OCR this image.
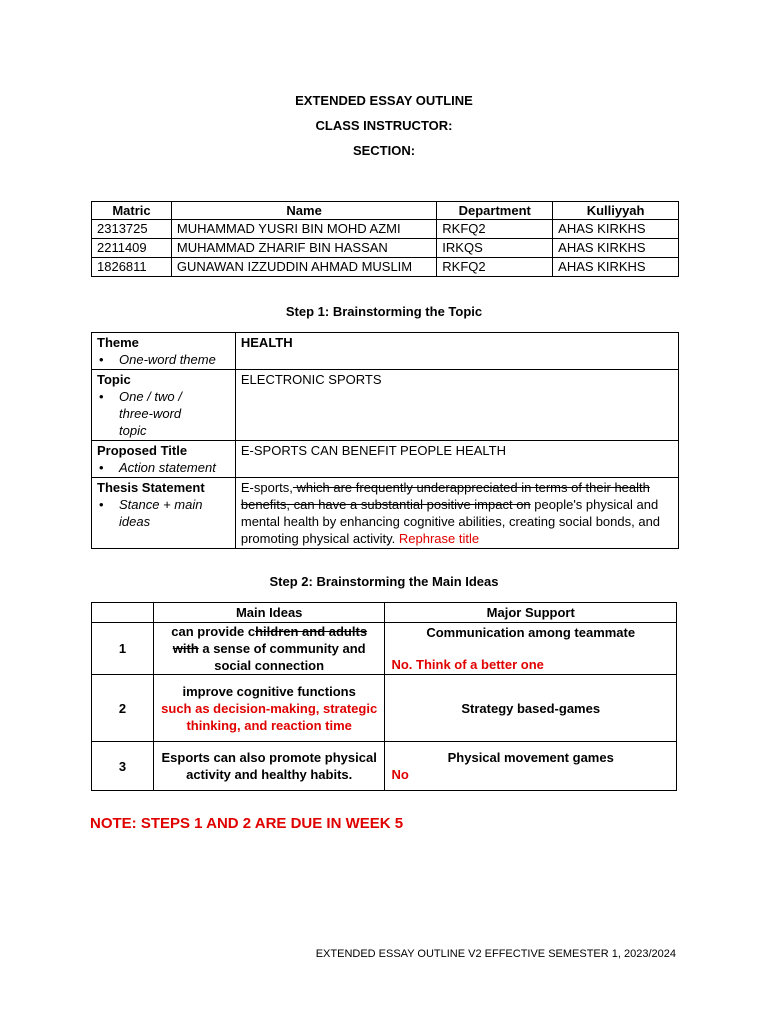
EXTENDED ESSAY OUTLINE
CLASS INSTRUCTOR:
SECTION:
Matric	Name	Department	Kulliyyah
2313725	MUHAMMAD YUSRI BIN MOHD AZMI	RKFQ2	AHAS KIRKHS
2211409	MUHAMMAD ZHARIF BIN HASSAN	IRKQS	AHAS KIRKHS
1826811	GUNAWAN IZZUDDIN AHMAD MUSLIM	RKFQ2	AHAS KIRKHS
Step 1: Brainstorming the Topic
Theme
• One-word theme	HEALTH

Topic
• One / two / three-word topic	ELECTRONIC SPORTS

Proposed Title
• Action statement	E-SPORTS CAN BENEFIT PEOPLE HEALTH

Thesis Statement
• Stance + main ideas	E-sports, which are frequently underappreciated in terms of their health benefits, can have a substantial positive impact on people's physical and mental health by enhancing cognitive abilities, creating social bonds, and promoting physical activity. Rephrase title
Step 2: Brainstorming the Main Ideas
	Main Ideas	Major Support
1	can provide children and adults with a sense of community and social connection	Communication among teammate
No. Think of a better one

2	improve cognitive functions
such as decision-making, strategic thinking, and reaction time	Strategy based-games
3	Esports can also promote physical activity and healthy habits.	Physical movement games
No
NOTE: STEPS 1 AND 2 ARE DUE IN WEEK 5
EXTENDED ESSAY OUTLINE V2 EFFECTIVE SEMESTER 1, 2023/2024
